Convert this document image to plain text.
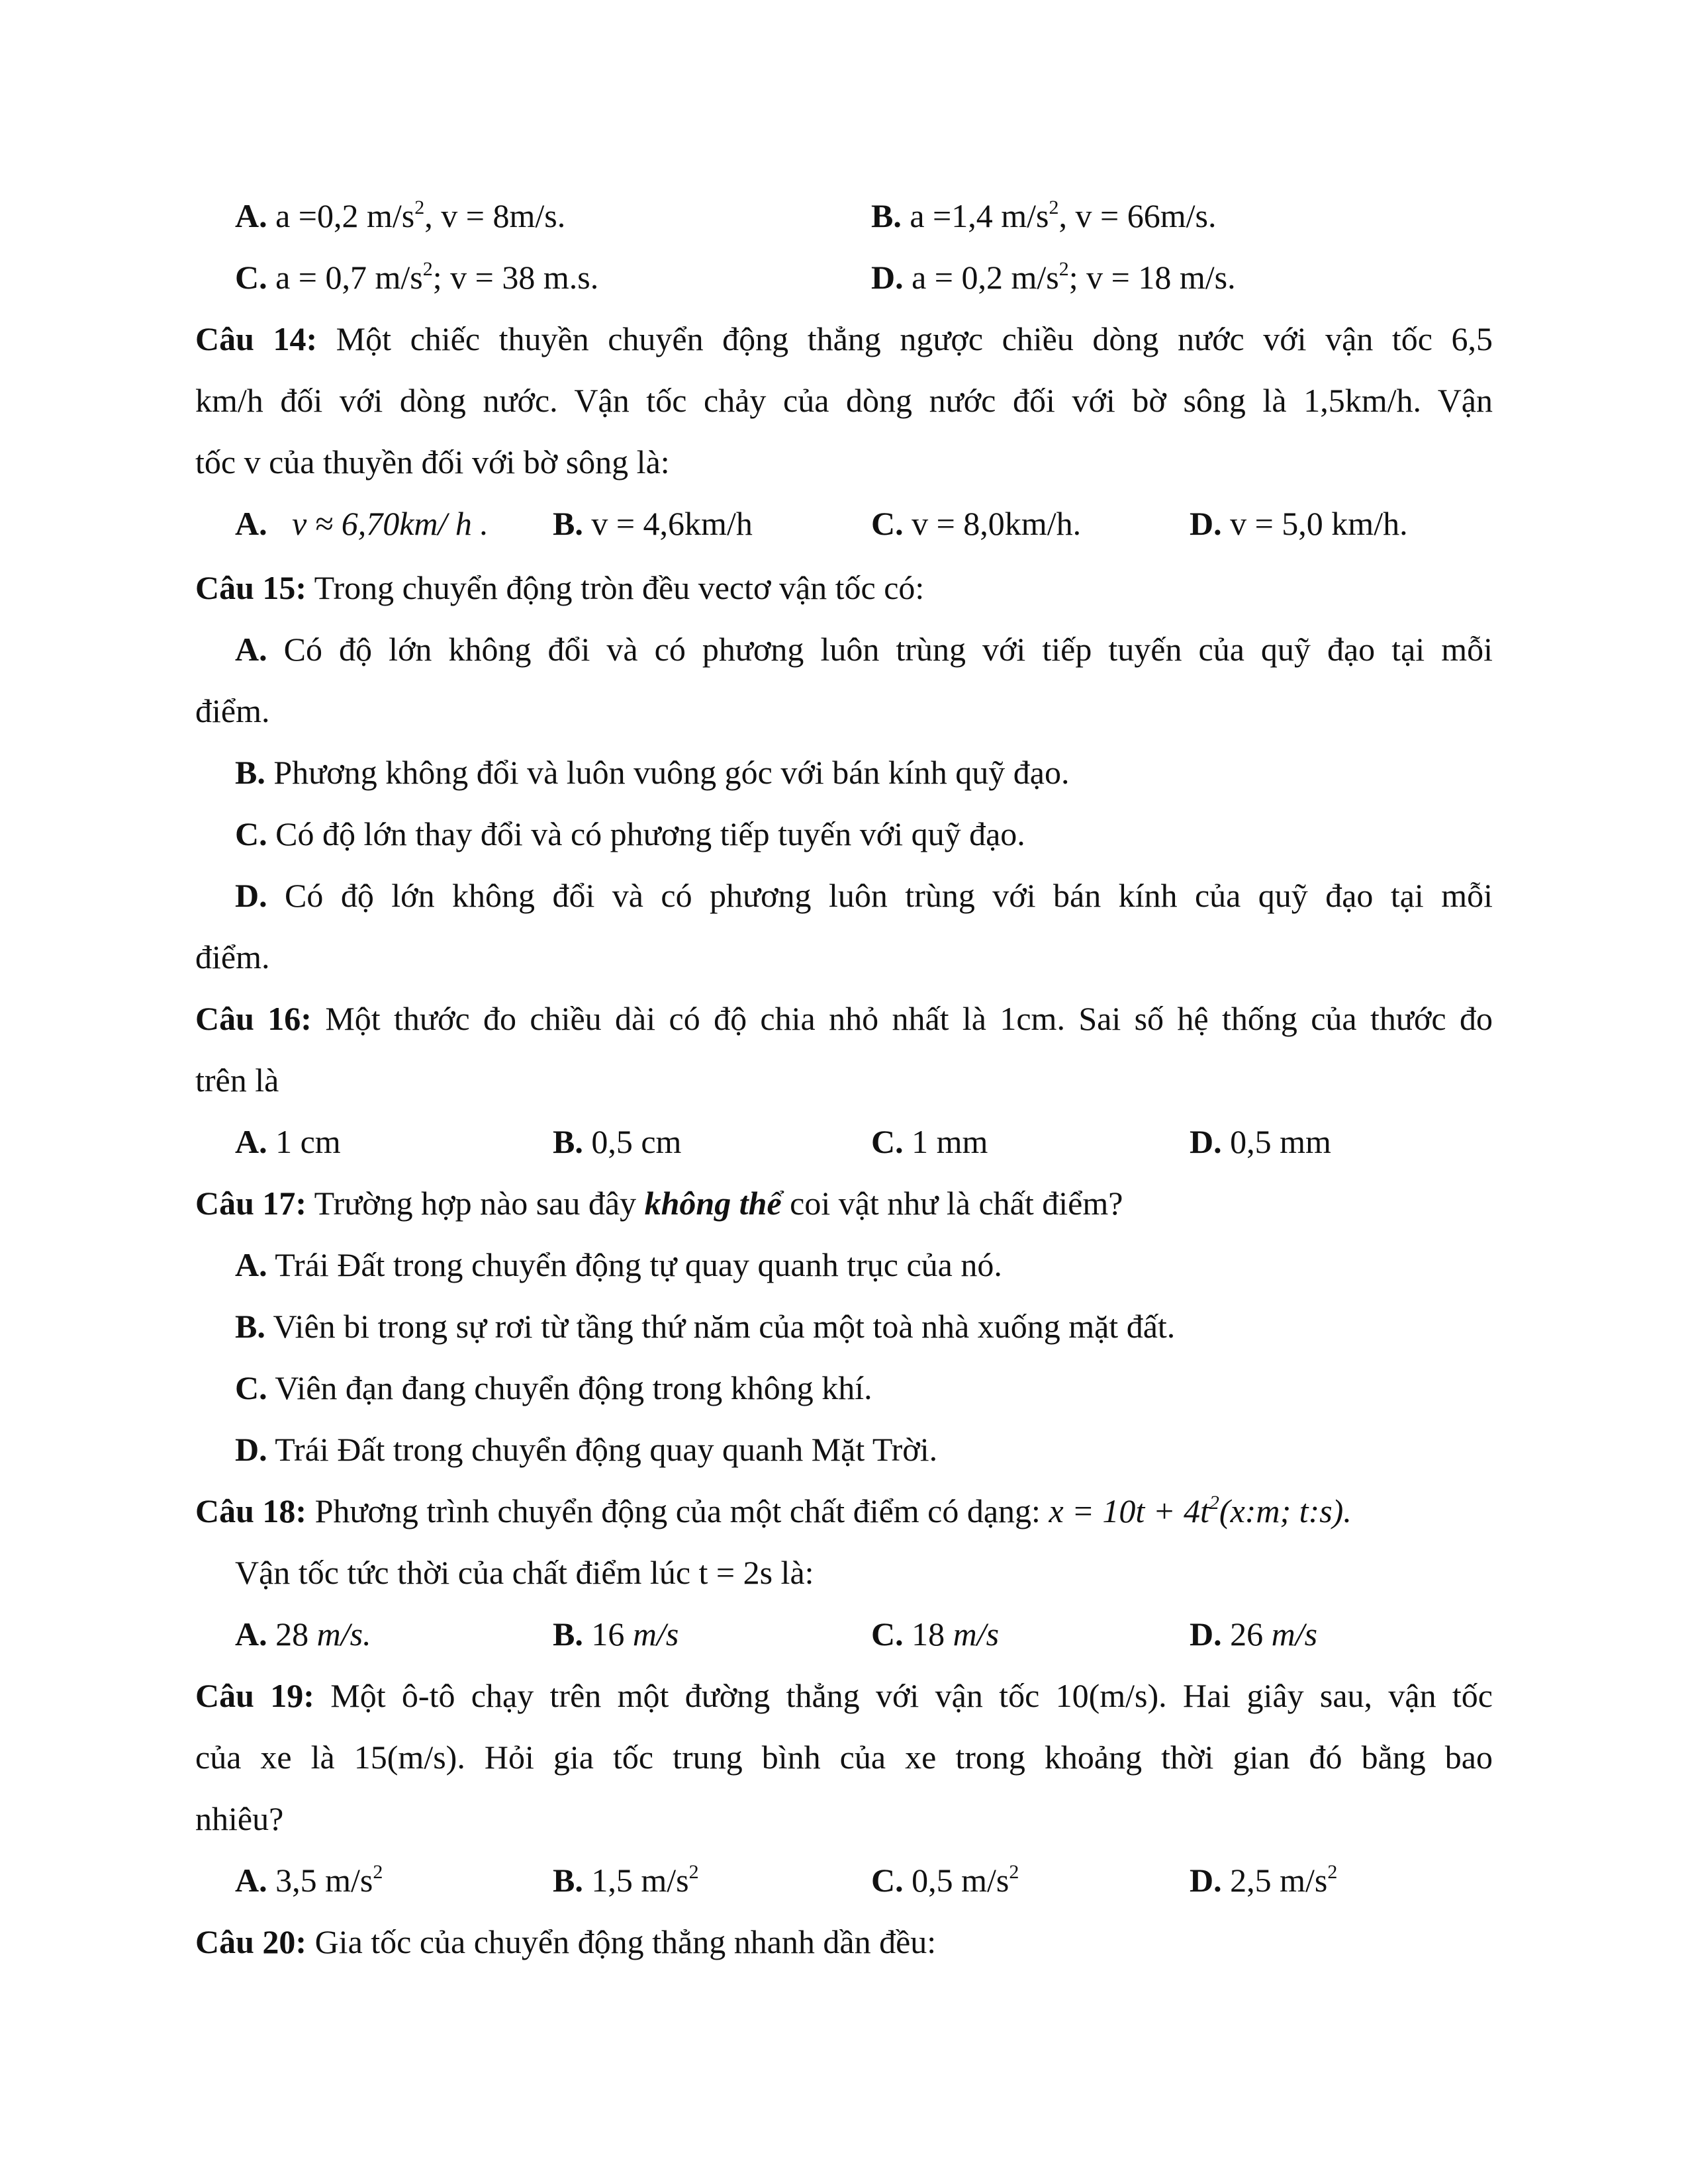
A. a =0,2 $m/s^2$, v = 8m/s.	B. a =1,4 $m/s^2$, v = 66m/s.
C. a = 0,7 $m/s^2$; v = 38 m.s.	D. a = 0,2 $m/s^2$; v = 18 m/s.
Câu 14: Một chiếc thuyền chuyển động thẳng ngược chiều dòng nước với vận tốc 6,5
km/h đối với dòng nước. Vận tốc chảy của dòng nước đối với bờ sông là 1,5km/h. Vận
tốc v của thuyền đối với bờ sông là:
A. v ≈ 6,70km/ h . B. v = 4,6km/h	C. v = 8,0km/h.	D. v = 5,0 km/h.
Câu 15: Trong chuyển động tròn đều vectơ vận tốc có:
A. Có độ lớn không đổi và có phương luôn trùng với tiếp tuyến của quỹ đạo tại mỗi
điểm.
B. Phương không đổi và luôn vuông góc với bán kính quỹ đạo.
C. Có độ lớn thay đổi và có phương tiếp tuyến với quỹ đạo.
D. Có độ lớn không đổi và có phương luôn trùng với bán kính của quỹ đạo tại mỗi
điểm.
Câu 16: Một thước đo chiều dài có độ chia nhỏ nhất là 1cm. Sai số hệ thống của thước đo
trên là
A. 1 cm	B. 0,5 cm	C. 1 mm	D. 0,5 mm
Câu 17: Trường hợp nào sau đây không thể coi vật như là chất điểm?
A. Trái Đất trong chuyển động tự quay quanh trục của nó.
B. Viên bi trong sự rơi từ tầng thứ năm của một toà nhà xuống mặt đất.
C. Viên đạn đang chuyển động trong không khí.
D. Trái Đất trong chuyển động quay quanh Mặt Trời.
Câu 18: Phương trình chuyển động của một chất điểm có dạng: $x = 10t + 4t^2(x:m$; t:s).
Vận tốc tức thời của chất điểm lúc t = 2s là:
A. 28 m/s.	B. 16 m/s	C. 18 m/s	D. 26 m/s
Câu 19: Một ô-tô chạy trên một đường thẳng với vận tốc 10(m/s). Hai giây sau, vận tốc
của xe là 15(m/s). Hỏi gia tốc trung bình của xe trong khoảng thời gian đó bằng bao
nhiêu?
A. 3,5 $m/s^2$	B. 1,5 $m/s^2$	C. 0,5 $m/s^2$	D. 2,5 $m/s^2$
Câu 20: Gia tốc của chuyển động thẳng nhanh dần đều:
